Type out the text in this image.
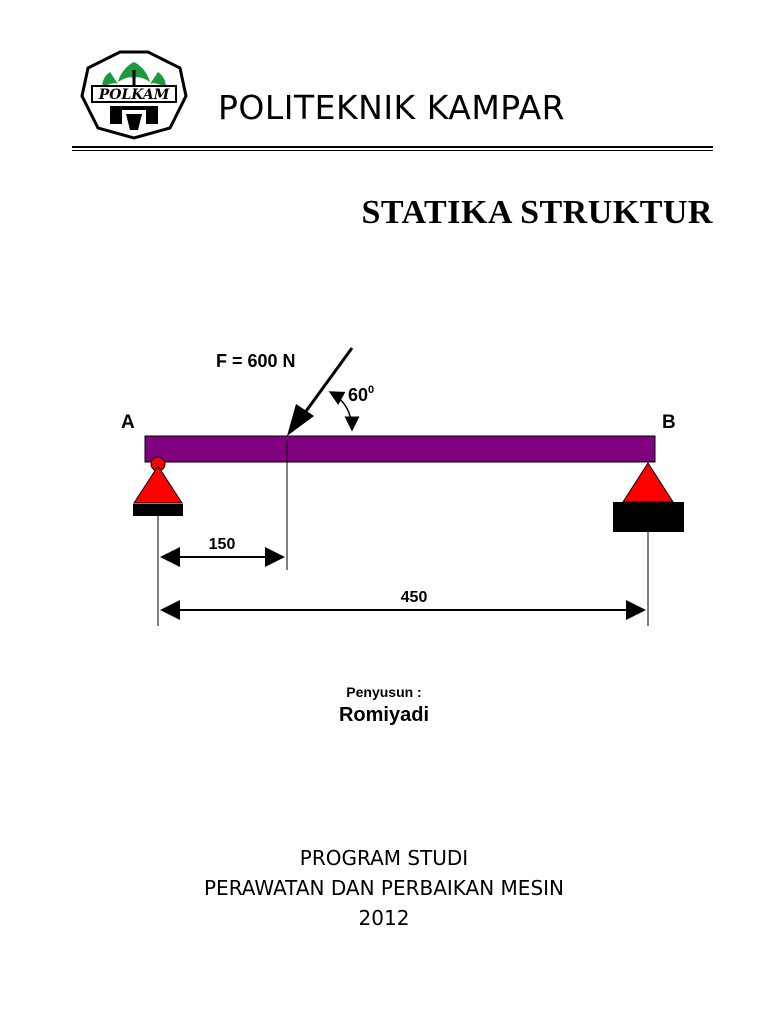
POLKAM POLITEKNIK KAMPAR
STATIKA STRUKTUR
F = 600 N
$60^0$
A	B
150
450
Penyusun :
Romiyadi
PROGRAM STUDI
PERAWATAN DAN PERBAIKAN MESIN
2012
